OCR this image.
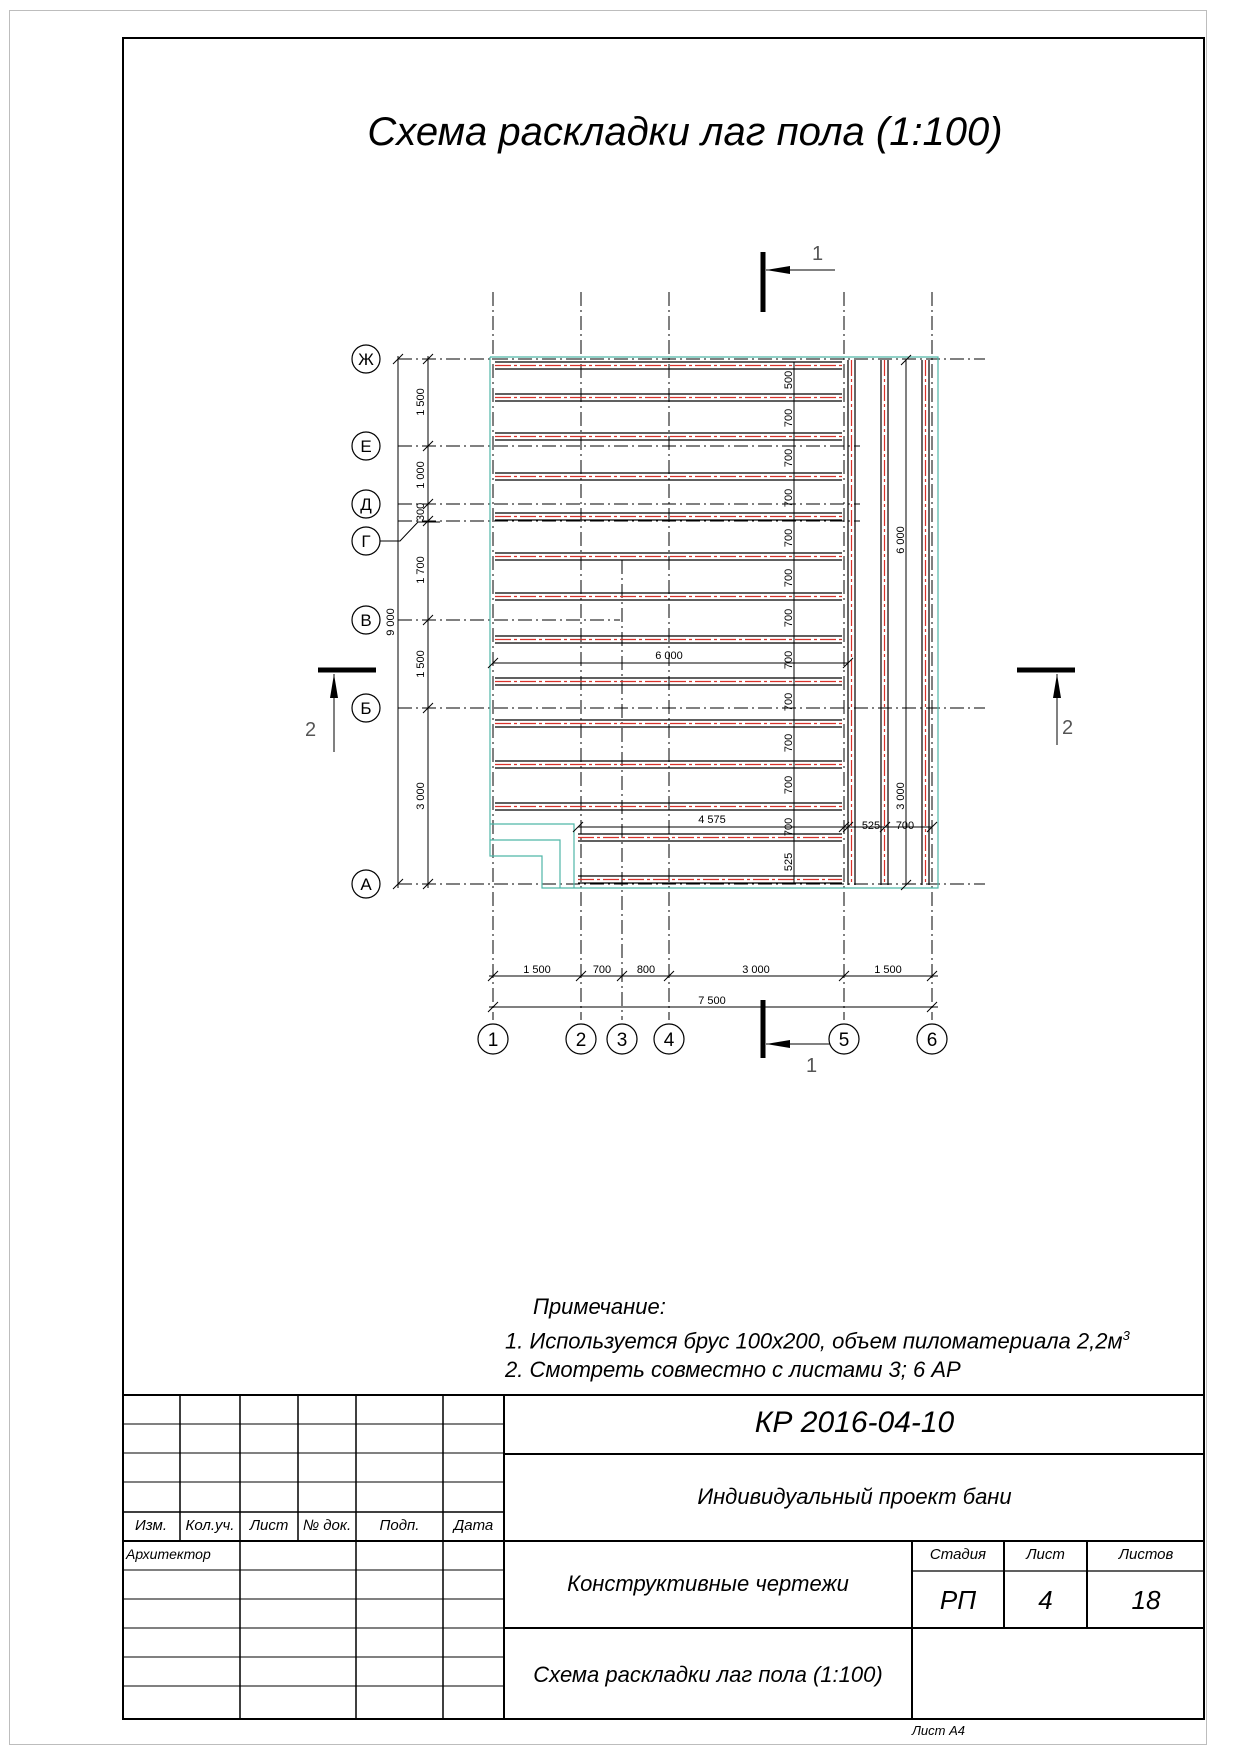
Схема раскладки лаг пола (1:100)
1 500
1 000
300
1 700
1 500
3 000
9 000
Ж
Е
Д
Г
В
Б
А
1 500	700 800	3 000	1 500
7 500
1	2 3 4	5	6
6 000
4 575
500
700
700
700
700
700
700
700
700
700
700
700
525
6 000
3 000
525 700
1
1
2	2
Примечание:
1. Используется брус 100х200, объем пиломатериала $2,2м^3$
2. Смотреть совместно с листами 3; 6 АР
КР 2016-04-10
Индивидуальный проект бани
Конструктивные чертежи
Схема раскладки лаг пола (1:100)
Стадия	Лист	Листов
РП	4	18
Изм.	Кол.уч.	Лист № док.	Подп.	Дата
Архитектор
Лист А4
